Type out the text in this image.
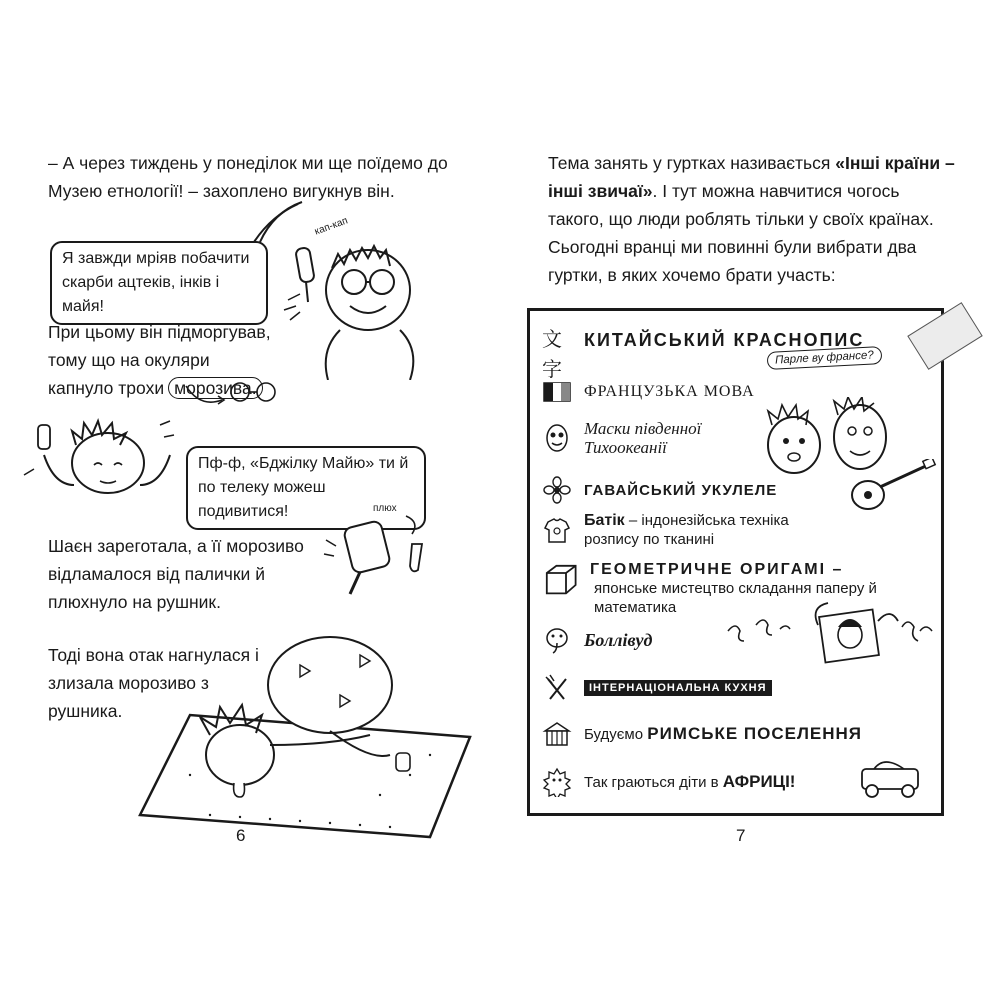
– А через тиждень у понеділок ми ще поїдемо до Музею етнології! – захоплено вигукнув він.

Я завжди мріяв побачити скарби ацтеків, інків і майя!
кап-кап

При цьому він підморгував, тому що на окуляри капнуло трохи морозива.

Пф-ф, «Бджілку Майю» ти й по телеку можеш подивитися!

Шаєн зареготала, а її морозиво відламалося від палички й плюхнуло на рушник.

плюх

Тоді вона отак нагнулася і злизала морозиво з рушника.

6

Тема занять у гуртках називається «Інші країни – інші звичаї». І тут можна навчитися чогось такого, що люди роблять тільки у своїх країнах. Сьогодні вранці ми повинні були вибрати два гуртки, в яких хочемо брати участь:

7
文字
КИТАЙСЬКИЙ КРАСНОПИС
Парле ву франсе?
ФРАНЦУЗЬКА МОВА
Маски південної Тихоокеанії
ГАВАЙСЬКИЙ УКУЛЕЛЕ
Батік – індонезійська техніка розпису по тканині
ГЕОМЕТРИЧНЕ ОРИГАМІ –
японське мистецтво складання паперу й математика
Боллівуд
ІНТЕРНАЦІОНАЛЬНА КУХНЯ
Будуємо РИМСЬКЕ ПОСЕЛЕННЯ
Так граються діти в АФРИЦІ!
